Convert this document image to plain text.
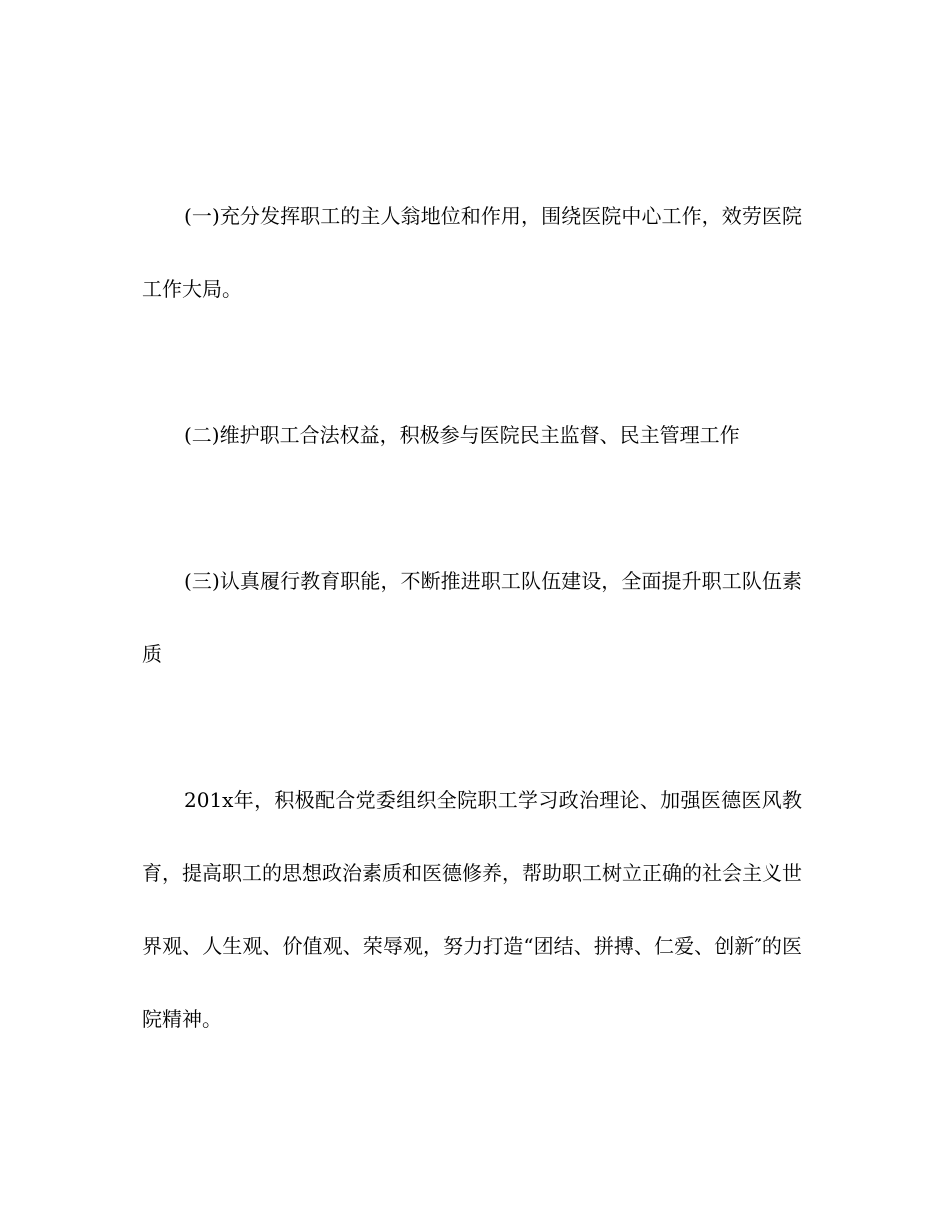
(一)充分发挥职工的主人翁地位和作用，围绕医院中心工作，效劳医院工作大局。

(二)维护职工合法权益，积极参与医院民主监督、民主管理工作

(三)认真履行教育职能，不断推进职工队伍建设，全面提升职工队伍素质

201x年，积极配合党委组织全院职工学习政治理论、加强医德医风教育，提高职工的思想政治素质和医德修养，帮助职工树立正确的社会主义世界观、人生观、价值观、荣辱观，努力打造“团结、拼搏、仁爱、创新″的医院精神。
